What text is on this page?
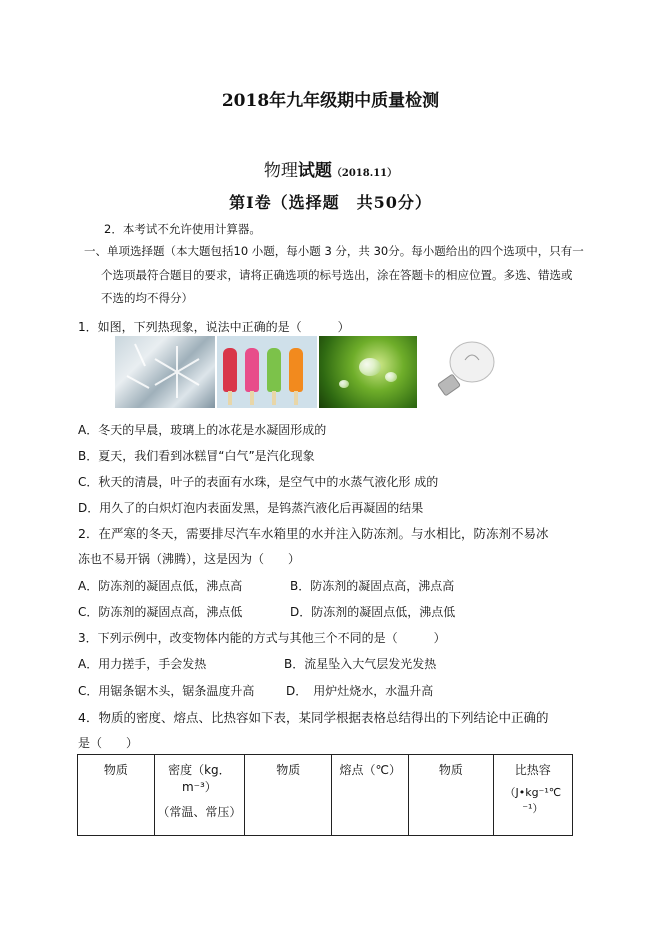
2018年九年级期中质量检测
物理试题（2018.11）
第Ⅰ卷（选择题　共50分）
2．本考试不允许使用计算器。
一、单项选择题（本大题包括10 小题，每小题 3 分，共 30分。每小题给出的四个选项中，只有一
个选项最符合题目的要求，请将正确选项的标号选出，涂在答题卡的相应位置。多选、错选或
不选的均不得分）
1．如图，下列热现象，说法中正确的是（　　　）
A．冬天的早晨，玻璃上的冰花是水凝固形成的
B．夏天，我们看到冰糕冒“白气”是汽化现象
C．秋天的清晨，叶子的表面有水珠，是空气中的水蒸气液化形 成的
D．用久了的白炽灯泡内表面发黑，是钨蒸汽液化后再凝固的结果
2．在严寒的冬天，需要排尽汽车水箱里的水并注入防冻剂。与水相比，防冻剂不易冰
冻也不易开锅（沸腾），这是因为（　　）
A．防冻剂的凝固点低，沸点高	B．防冻剂的凝固点高，沸点高
C．防冻剂的凝固点高，沸点低	D．防冻剂的凝固点低，沸点低
3．下列示例中，改变物体内能的方式与其他三个不同的是（　　　）
A．用力搓手，手会发热	B．流星坠入大气层发光发热
C．用锯条锯木头，锯条温度升高	D．　用炉灶烧水，水温升高
4．物质的密度、熔点、比热容如下表，某同学根据表格总结得出的下列结论中正确的
是（　　）
物质	密度（kg．m⁻³）
（常温、常压）
	物质	熔点（℃）	物质	比热容
（J•kg⁻¹℃
⁻¹）
